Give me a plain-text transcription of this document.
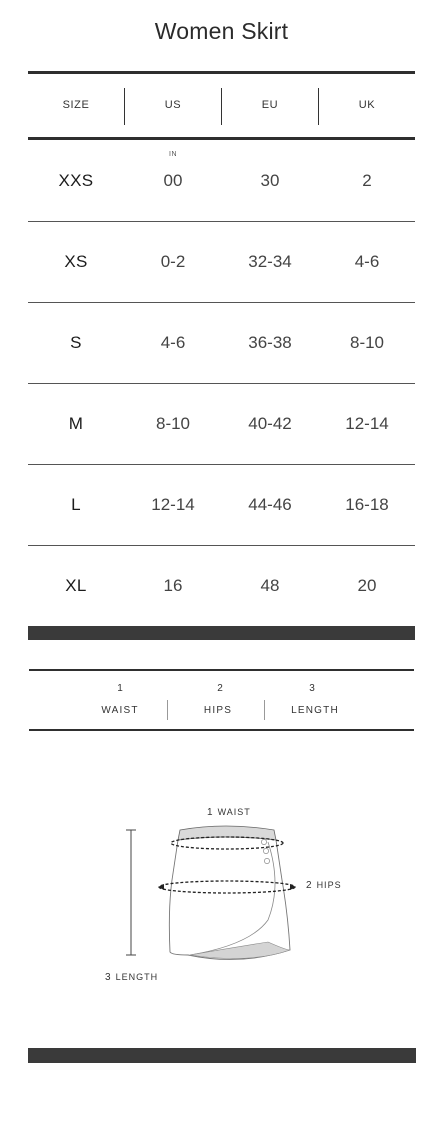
Women Skirt
SIZE	US	EU	UK
IN
XXS	00	30	2
XS	0-2	32-34	4-6
S	4-6	36-38	8-10
M	8-10	40-42	12-14
L	12-14	44-46	16-18
XL	16	48	20
1
WAIST
2
HIPS
3
LENGTH
1 WAIST
2 HIPS
3 LENGTH
